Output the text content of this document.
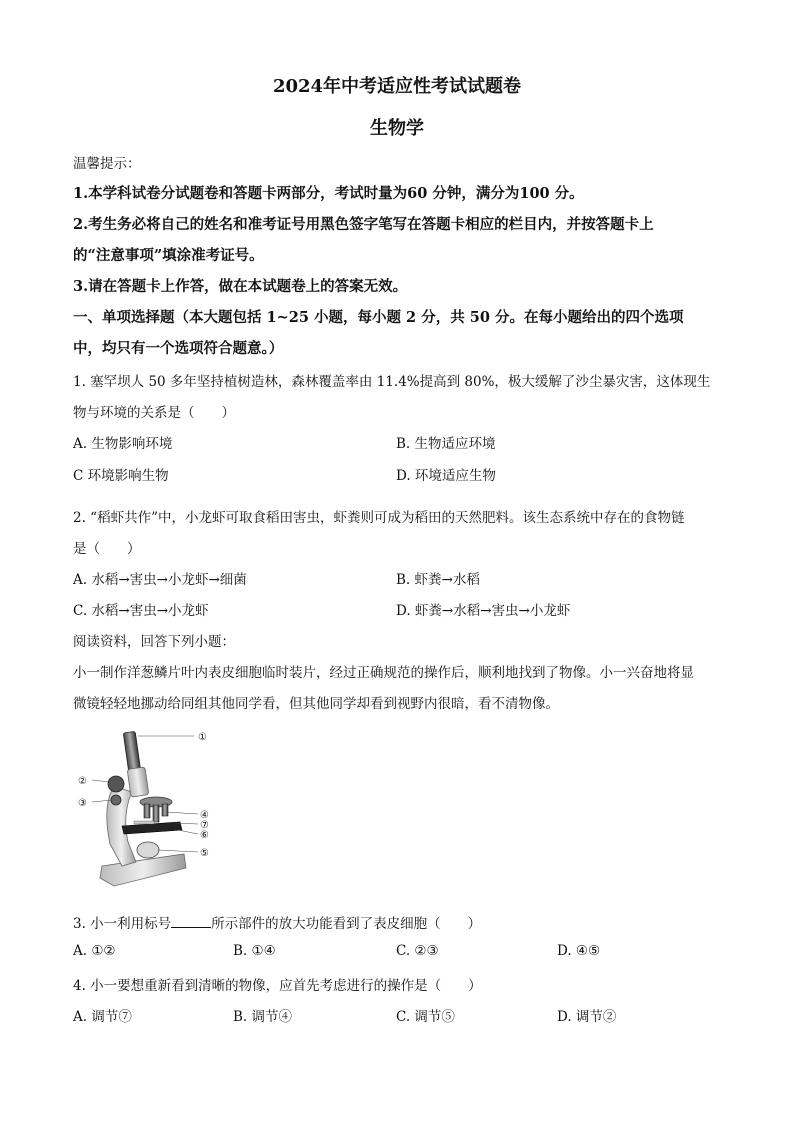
2024年中考适应性考试试题卷
生物学
温馨提示：
1.本学科试卷分试题卷和答题卡两部分，考试时量为60 分钟，满分为100 分。
2.考生务必将自己的姓名和准考证号用黑色签字笔写在答题卡相应的栏目内，并按答题卡上
的“注意事项”填涂准考证号。
3.请在答题卡上作答，做在本试题卷上的答案无效。
一、单项选择题（本大题包括 1~25 小题，每小题 2 分，共 50 分。在每小题给出的四个选项
中，均只有一个选项符合题意。）
1. 塞罕坝人 50 多年坚持植树造林，森林覆盖率由 11.4%提高到 80%，极大缓解了沙尘暴灾害，这体现生
物与环境的关系是（　　）
A. 生物影响环境	B. 生物适应环境
C 环境影响生物	D. 环境适应生物
2. “稻虾共作”中，小龙虾可取食稻田害虫，虾粪则可成为稻田的天然肥料。该生态系统中存在的食物链
是（　　）
A. 水稻→害虫→小龙虾→细菌	B. 虾粪→水稻
C. 水稻→害虫→小龙虾	D. 虾粪→水稻→害虫→小龙虾
阅读资料，回答下列小题：
小一制作洋葱鳞片叶内表皮细胞临时装片，经过正确规范的操作后，顺利地找到了物像。小一兴奋地将显
微镜轻轻地挪动给同组其他同学看，但其他同学却看到视野内很暗，看不清物像。
①
②
③
④
⑦
⑥
⑤
3. 小一利用标号	所示部件的放大功能看到了表皮细胞（　　）
A. ①②	B. ①④	C. ②③	D. ④⑤
4. 小一要想重新看到清晰的物像，应首先考虑进行的操作是（　　）
A. 调节⑦	B. 调节④	C. 调节⑤	D. 调节②
